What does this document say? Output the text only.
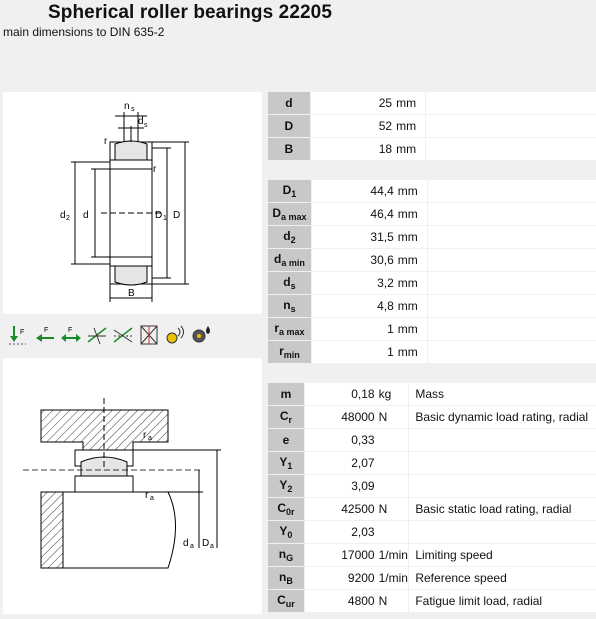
Spherical roller bearings 22205
main dimensions to DIN 635-2
n s
d s
r
r
d 2 d	D 1 D
B
F	F	F
r a
r a
d a D a
d	25	mm	
D	52	mm	
B	18	mm	
$D_1$	44,4	mm	
$D_{a max}$	46,4	mm	
$d_2$	31,5	mm	
$d_{a min}$	30,6	mm	
$d_s$	3,2	mm	
$n_s$	4,8	mm	
$r_{a max}$	1	mm	
$r_{min}$	1	mm	
m	0,18	kg	Mass
$C_r$	48000	N	Basic dynamic load rating, radial
e	0,33		
$Y_1$	2,07		
$Y_2$	3,09		
$C_{0r}$	42500	N	Basic static load rating, radial
$Y_0$	2,03		
$n_G$	17000	1/min	Limiting speed
$n_B$	9200	1/min	Reference speed
$C_{ur}$	4800	N	Fatigue limit load, radial
